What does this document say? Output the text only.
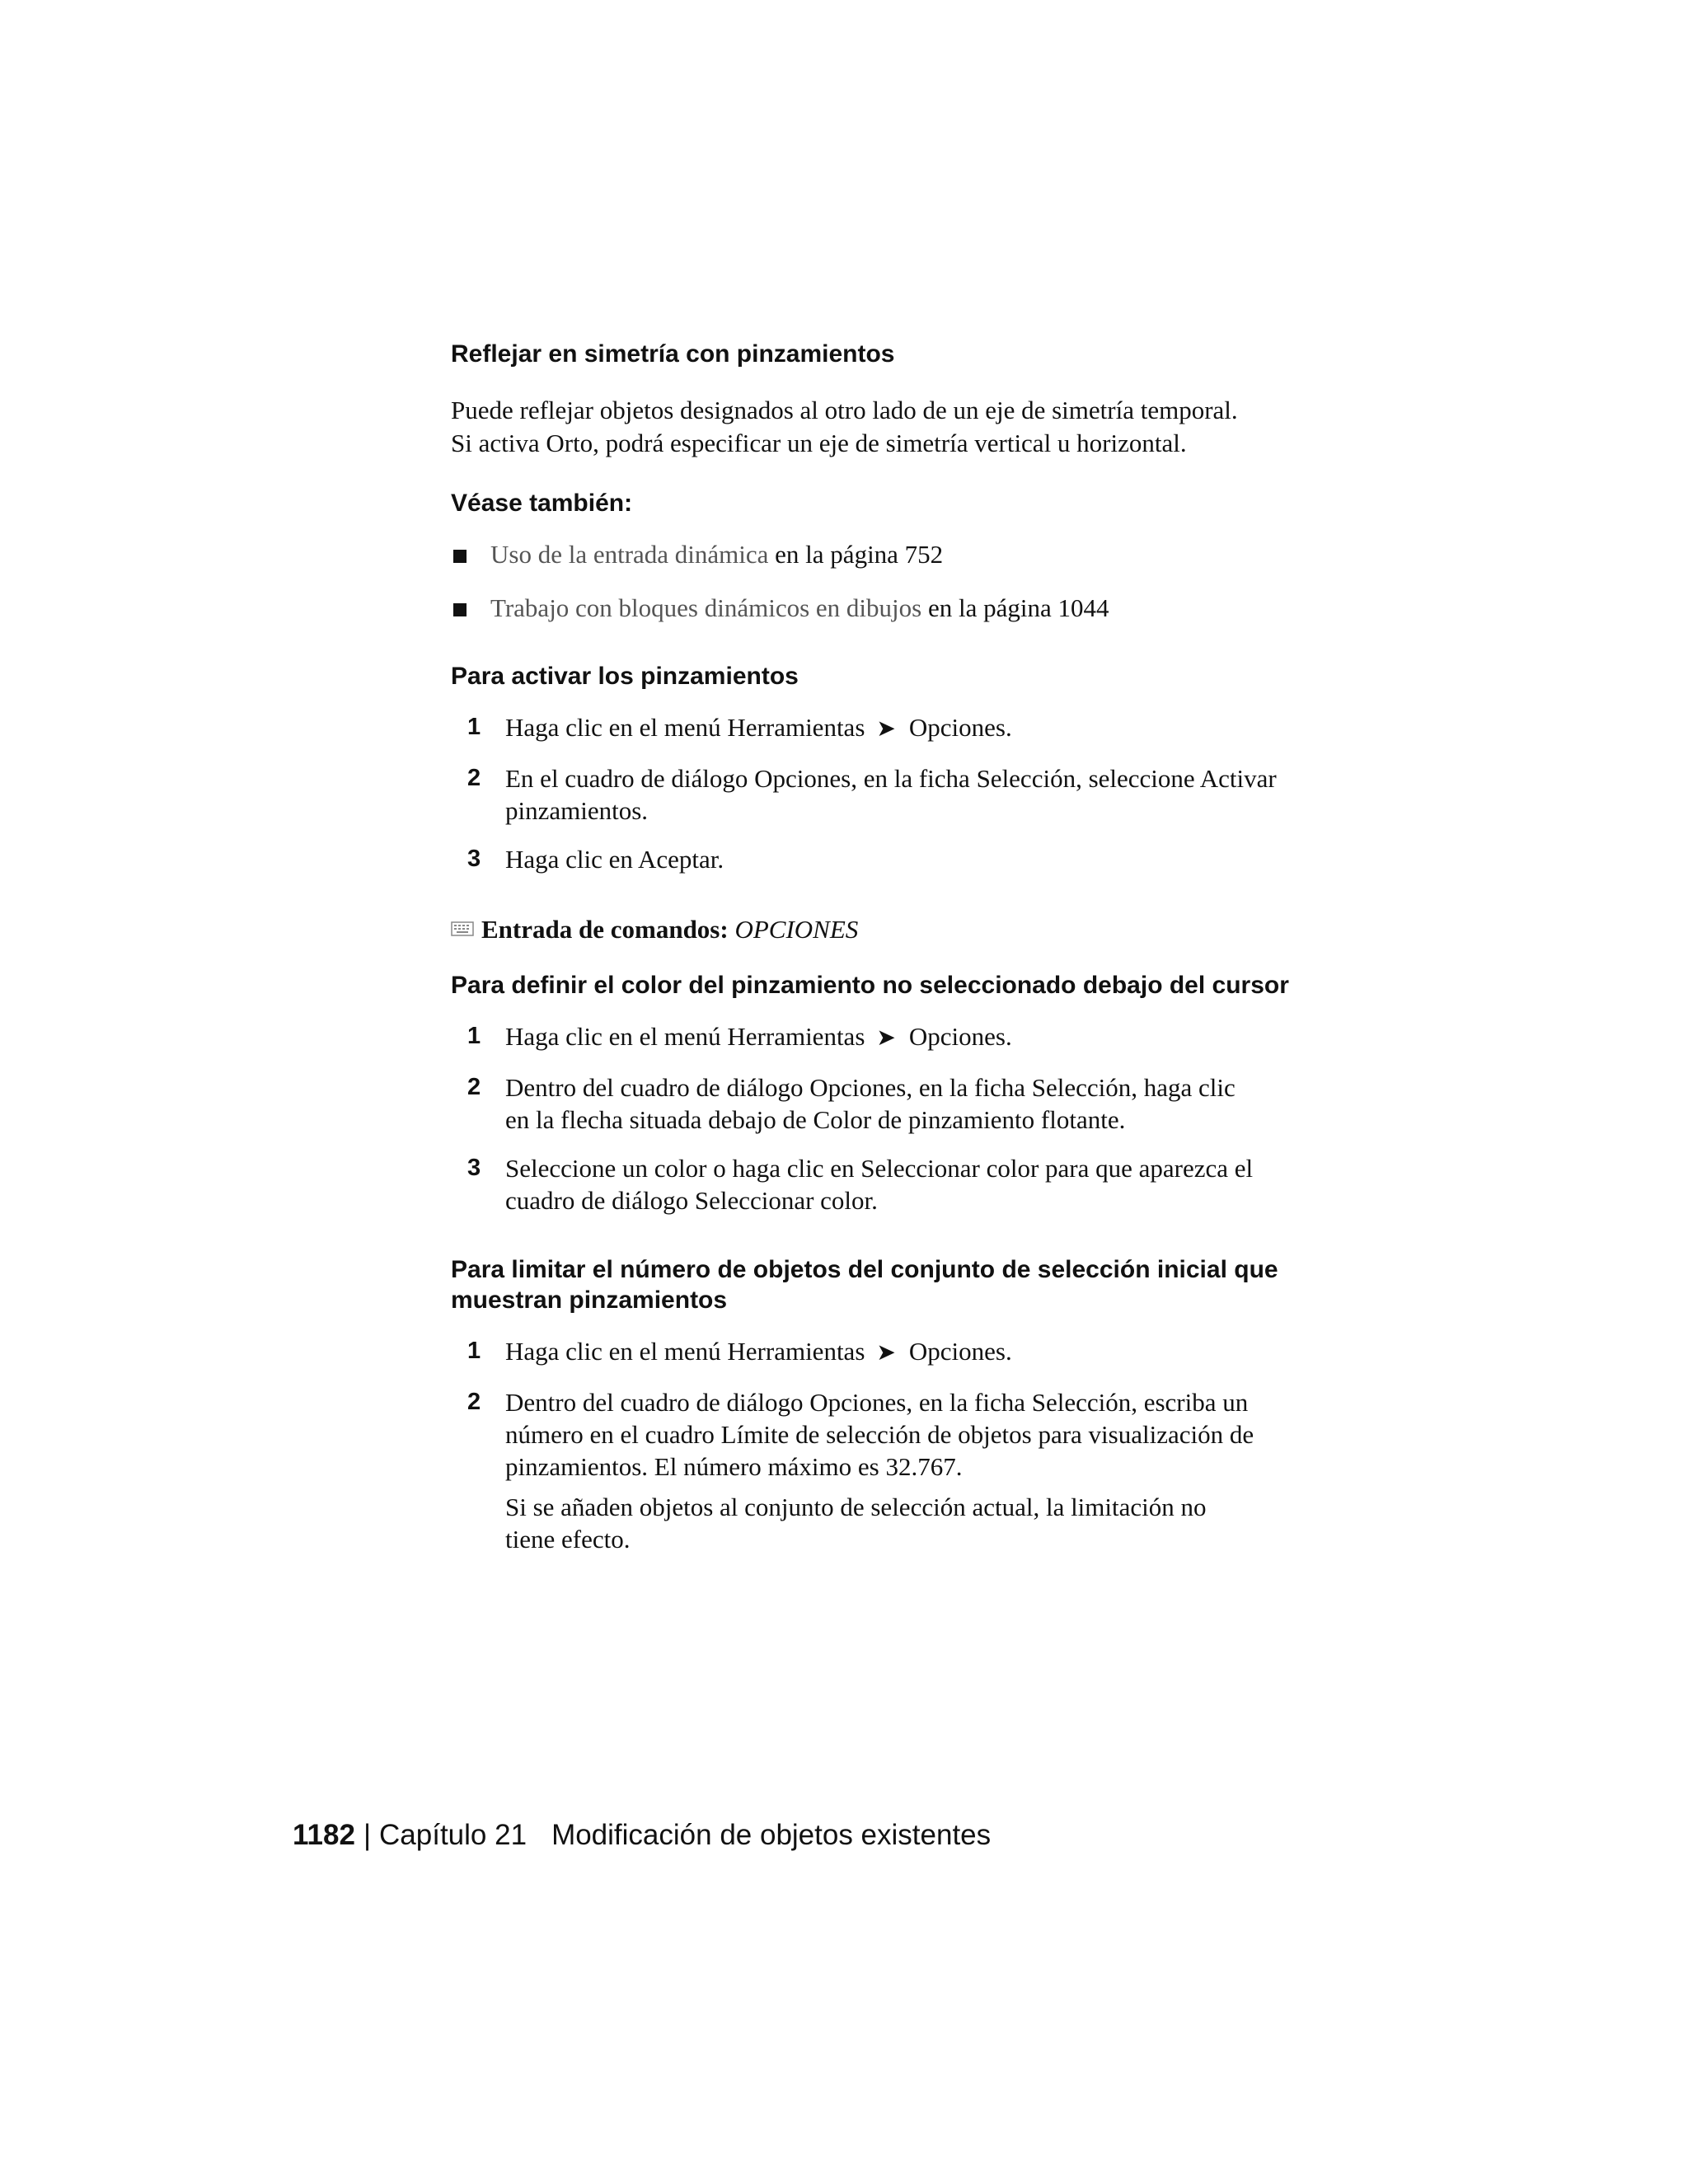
Reflejar en simetría con pinzamientos

Puede reflejar objetos designados al otro lado de un eje de simetría temporal.

Si activa Orto, podrá especificar un eje de simetría vertical u horizontal.

Véase también:
Uso de la entrada dinámica en la página 752
Trabajo con bloques dinámicos en dibujos en la página 1044
Para activar los pinzamientos
1 Haga clic en el menú Herramientas ➤ Opciones.
2 En el cuadro de diálogo Opciones, en la ficha Selección, seleccione Activar
pinzamientos.
3 Haga clic en Aceptar.
Entrada de comandos: OPCIONES
Para definir el color del pinzamiento no seleccionado debajo del cursor
1 Haga clic en el menú Herramientas ➤ Opciones.
2 Dentro del cuadro de diálogo Opciones, en la ficha Selección, haga clic
en la flecha situada debajo de Color de pinzamiento flotante.
3 Seleccione un color o haga clic en Seleccionar color para que aparezca el
cuadro de diálogo Seleccionar color.
Para limitar el número de objetos del conjunto de selección inicial que
muestran pinzamientos
1 Haga clic en el menú Herramientas ➤ Opciones.
2 Dentro del cuadro de diálogo Opciones, en la ficha Selección, escriba un
número en el cuadro Límite de selección de objetos para visualización de
pinzamientos. El número máximo es 32.767.
Si se añaden objetos al conjunto de selección actual, la limitación no
tiene efecto.
1182 | Capítulo 21 Modificación de objetos existentes
